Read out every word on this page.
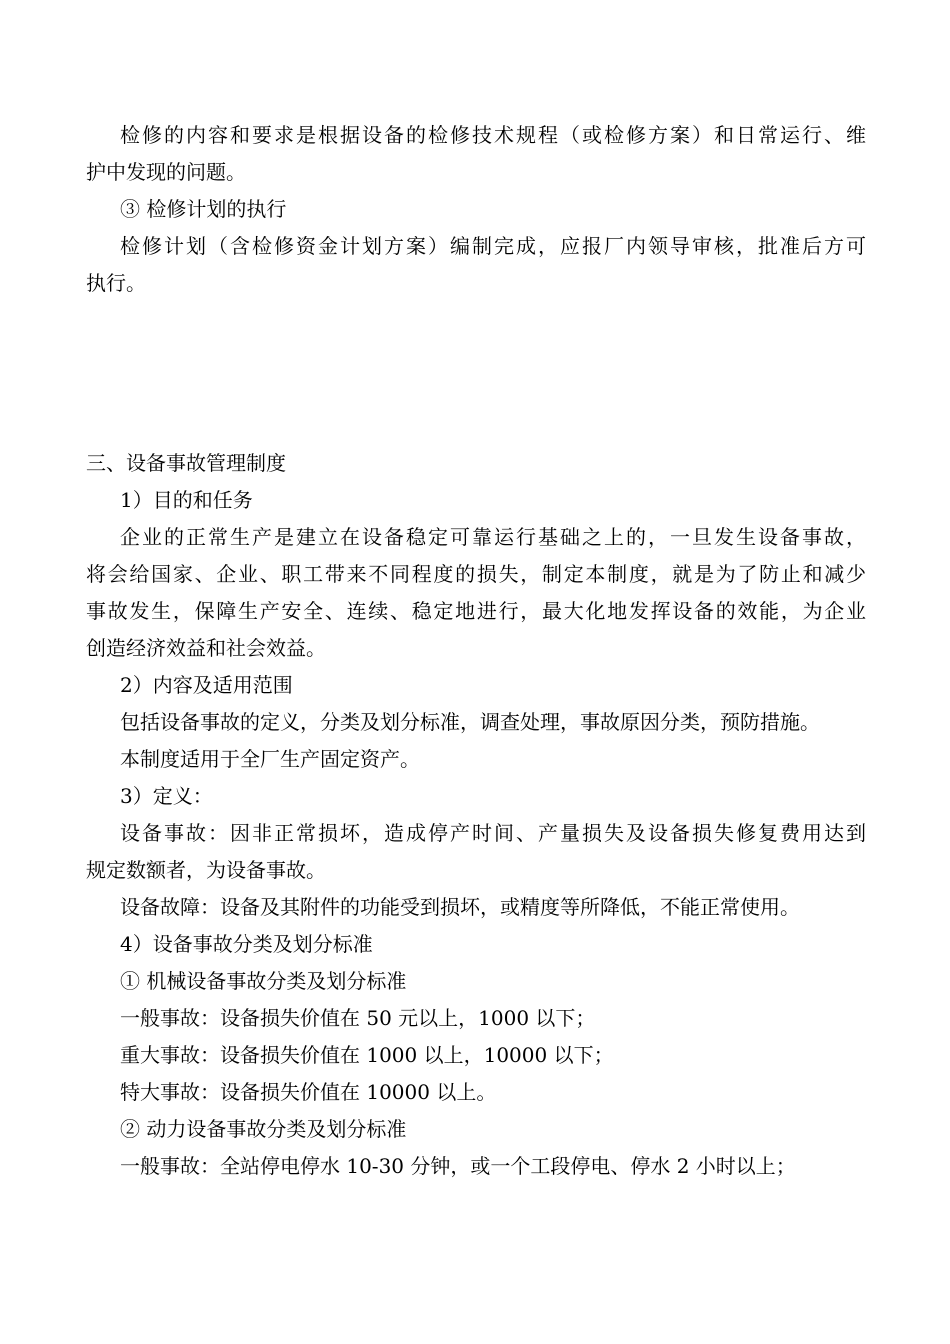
检修的内容和要求是根据设备的检修技术规程（或检修方案）和日常运行、维
护中发现的问题。
③ 检修计划的执行
检修计划（含检修资金计划方案）编制完成，应报厂内领导审核，批准后方可
执行。
三、设备事故管理制度
1）目的和任务
企业的正常生产是建立在设备稳定可靠运行基础之上的，一旦发生设备事故，
将会给国家、企业、职工带来不同程度的损失，制定本制度，就是为了防止和减少
事故发生，保障生产安全、连续、稳定地进行，最大化地发挥设备的效能，为企业
创造经济效益和社会效益。
2）内容及适用范围
包括设备事故的定义，分类及划分标准，调查处理，事故原因分类，预防措施。
本制度适用于全厂生产固定资产。
3）定义：
设备事故：因非正常损坏，造成停产时间、产量损失及设备损失修复费用达到
规定数额者，为设备事故。
设备故障：设备及其附件的功能受到损坏，或精度等所降低，不能正常使用。
4）设备事故分类及划分标准
① 机械设备事故分类及划分标准
一般事故：设备损失价值在 50 元以上，1000 以下；
重大事故：设备损失价值在 1000 以上，10000 以下；
特大事故：设备损失价值在 10000 以上。
② 动力设备事故分类及划分标准
一般事故：全站停电停水 10-30 分钟，或一个工段停电、停水 2 小时以上；
